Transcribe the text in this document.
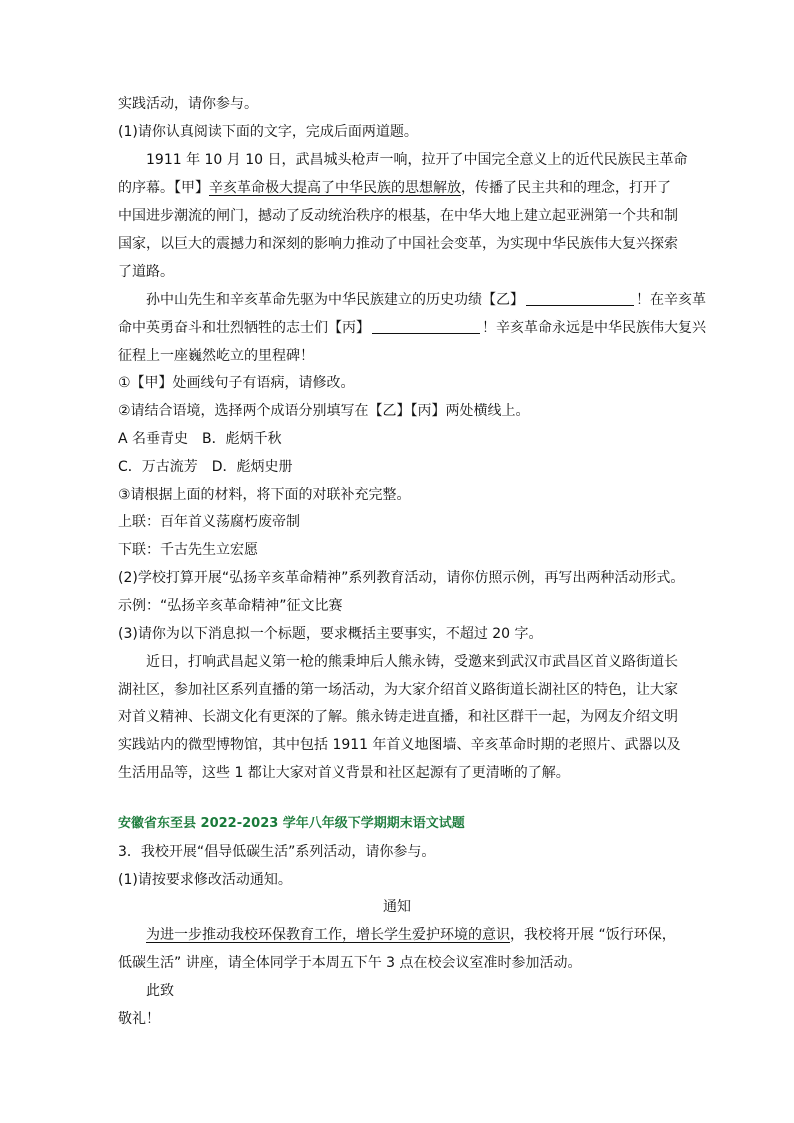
实践活动，请你参与。
(1)请你认真阅读下面的文字，完成后面两道题。
1911 年 10 月 10 日，武昌城头枪声一响，拉开了中国完全意义上的近代民族民主革命
的序幕。【甲】辛亥革命极大提高了中华民族的思想解放，传播了民主共和的理念，打开了
中国进步潮流的闸门，撼动了反动统治秩序的根基，在中华大地上建立起亚洲第一个共和制
国家，以巨大的震撼力和深刻的影响力推动了中国社会变革，为实现中华民族伟大复兴探索
了道路。
孙中山先生和辛亥革命先驱为中华民族建立的历史功绩【乙】	！在辛亥革
命中英勇奋斗和壮烈牺牲的志士们【丙】	！辛亥革命永远是中华民族伟大复兴
征程上一座巍然屹立的里程碑！
①【甲】处画线句子有语病，请修改。
②请结合语境，选择两个成语分别填写在【乙】【丙】两处横线上。
A 名垂青史　B．彪炳千秋
C．万古流芳　D．彪炳史册
③请根据上面的材料，将下面的对联补充完整。
上联：百年首义荡腐朽废帝制
下联：千古先生立宏愿
(2)学校打算开展“弘扬辛亥革命精神”系列教育活动，请你仿照示例，再写出两种活动形式。
示例：“弘扬辛亥革命精神”征文比赛
(3)请你为以下消息拟一个标题，要求概括主要事实，不超过 20 字。
近日，打响武昌起义第一枪的熊秉坤后人熊永铸，受邀来到武汉市武昌区首义路街道长
湖社区，参加社区系列直播的第一场活动，为大家介绍首义路街道长湖社区的特色，让大家
对首义精神、长湖文化有更深的了解。熊永铸走进直播，和社区群干一起，为网友介绍文明
实践站内的微型博物馆，其中包括 1911 年首义地图墙、辛亥革命时期的老照片、武器以及
生活用品等，这些 1 都让大家对首义背景和社区起源有了更清晰的了解。
安徽省东至县 2022-2023 学年八年级下学期期末语文试题
3．我校开展“倡导低碳生活”系列活动，请你参与。
(1)请按要求修改活动通知。
通知
为进一步推动我校环保教育工作，增长学生爱护环境的意识，我校将开展 “饭行环保，
低碳生活” 讲座，请全体同学于本周五下午 3 点在校会议室准时参加活动。
此致
敬礼！
